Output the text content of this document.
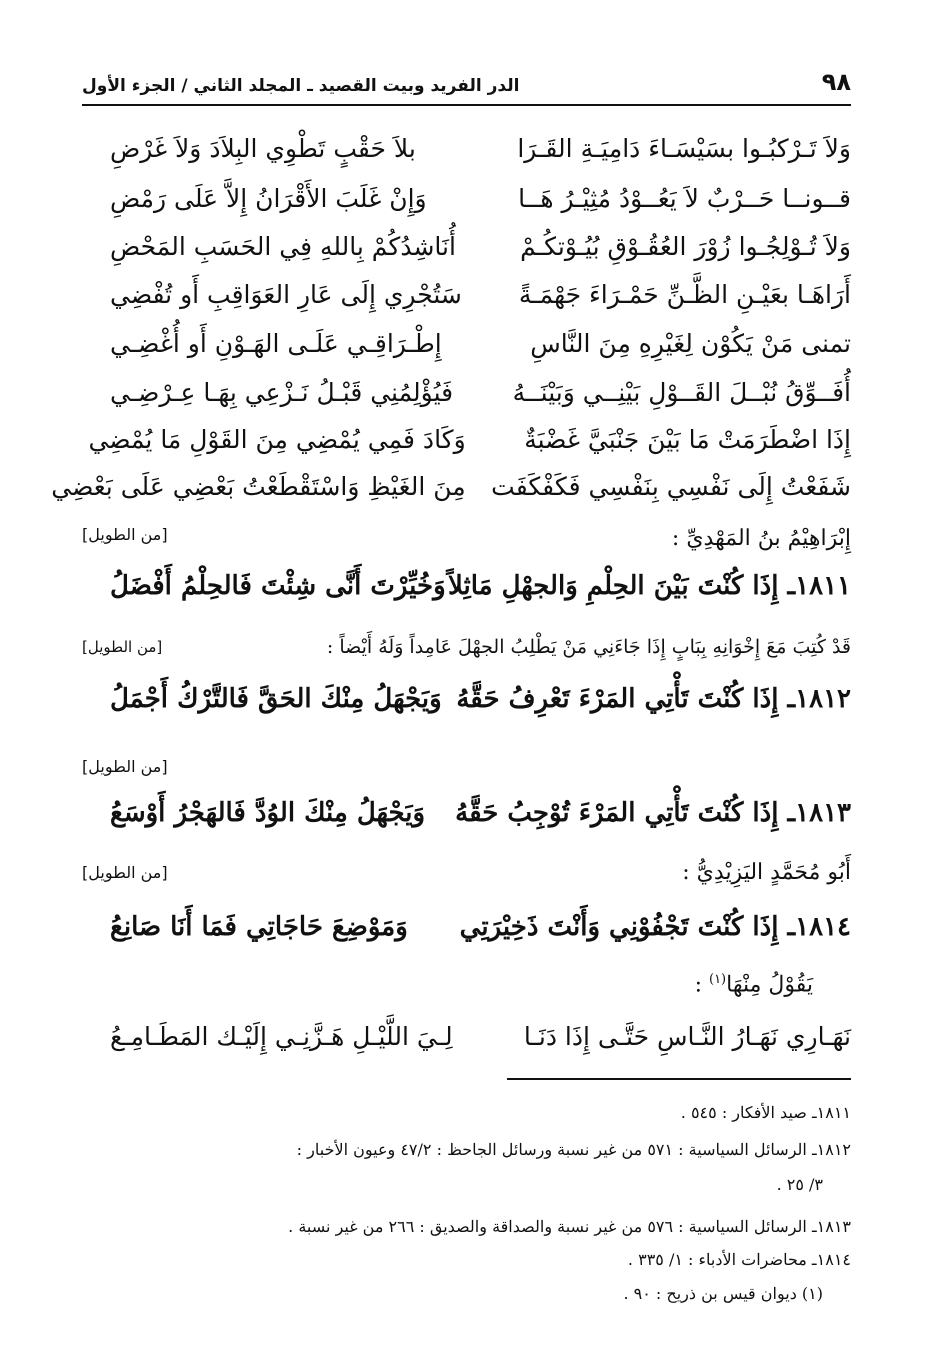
٩٨
الدر الفريد وبيت القصيد ـ المجلد الثاني / الجزء الأول
وَلاَ تَـرْكبُـوا بسَيْسَـاءَ دَامِيَـةِ القَـرَا
بلاَ حَقْبٍ تَطْوِي البِلاَدَ وَلاَ غَرْضِ
قــونــا حَــرْبٌ لاَ يَعُــوْدُ مُثِيْـرُ هَــا
وَإِنْ غَلَبَ الأَقْرَانُ إِلاَّ عَلَى رَمْضِ
وَلاَ تُـوْلِجُـوا زُوْرَ العُقُـوْقِ بُيُـوْتكُـمْ
أُنَاشِدُكُمْ بِاللهِ فِي الحَسَبِ المَحْضِ
أَرَاهَـا بعَيْـنِ الظَّـنِّ حَمْـرَاءَ جَهْمَـةً
سَتُجْرِي إِلَى عَارِ العَوَاقِبِ أَو تُفْضِي
تمنى مَنْ يَكُوْن لِغَيْرِهِ مِنَ النَّاسِ
إِطْـرَاقِـي عَلَـى الهَـوْنِ أَو أُغْضِـي
أُفَــوِّقُ نُبْــلَ القَــوْلِ بَيْنِــي وَبَيْنَــهُ
فَيُؤْلِمُنِي قَبْـلُ نَـزْعِي بِهَـا عِـرْضِـي
إِذَا اضْطَرَمَتْ مَا بَيْنَ جَنْبَيَّ غَضْبَةٌ
وَكَادَ فَمِي يُمْضِي مِنَ القَوْلِ مَا يُمْضِي
شَفَعْتُ إِلَى نَفْسِي بِنَفْسِي فَكَفْكَفَت
مِنَ الغَيْظِ وَاسْتَقْطَعْتُ بَعْضِي عَلَى بَعْضِي
إِبْرَاهِيْمُ بنُ المَهْدِيِّ :
[من الطويل]
١٨١١ـ إِذَا كُنْتَ بَيْنَ الحِلْمِ وَالجهْلِ مَاثِلاً
وَخُيِّرْتَ أَنَّى شِئْتَ فَالحِلْمُ أَفْضَلُ
قَدْ كُتِبَ مَعَ إِخْوَانِهِ بِبَابٍ إِذَا جَاءَنِي مَنْ يَطْلِبُ الجهْلَ عَامِداً وَلَهُ أَيْضاً :
[من الطويل]
١٨١٢ـ إِذَا كُنْتَ تَأْتِي المَرْءَ تَعْرِفُ حَقَّهُ
وَيَجْهَلُ مِنْكَ الحَقَّ فَالتَّرْكُ أَجْمَلُ
[من الطويل]
١٨١٣ـ إِذَا كُنْتَ تَأْتِي المَرْءَ تُوْجِبُ حَقَّهُ
وَيَجْهَلُ مِنْكَ الوُدَّ فَالهَجْرُ أَوْسَعُ
أَبُو مُحَمَّدٍ اليَزِيْدِيُّ :
[من الطويل]
١٨١٤ـ إِذَا كُنْتَ تَجْفُوْنِي وَأَنْتَ ذَخِيْرَتِي
وَمَوْضِعَ حَاجَاتِي فَمَا أَنَا صَانِعُ
يَقُوْلُ مِنْهَا$^{(١)}$ :
نَهَـارِي نَهَـارُ النَّـاسِ حَتَّـى إِذَا دَنَـا
لِـيَ اللَّيْـلِ هَـزَّنِـي إِلَيْـك المَطَـامِـعُ
١٨١١ـ صيد الأفكار : ٥٤٥ .
١٨١٢ـ الرسائل السياسية : ٥٧١ من غير نسبة ورسائل الجاحظ : ٤٧/٢ وعيون الأخبار :
٣/ ٢٥ .
١٨١٣ـ الرسائل السياسية : ٥٧٦ من غير نسبة والصداقة والصديق : ٢٦٦ من غير نسبة .
١٨١٤ـ محاضرات الأدباء : ١/ ٣٣٥ .
(١) ديوان قيس بن ذريح : ٩٠ .
